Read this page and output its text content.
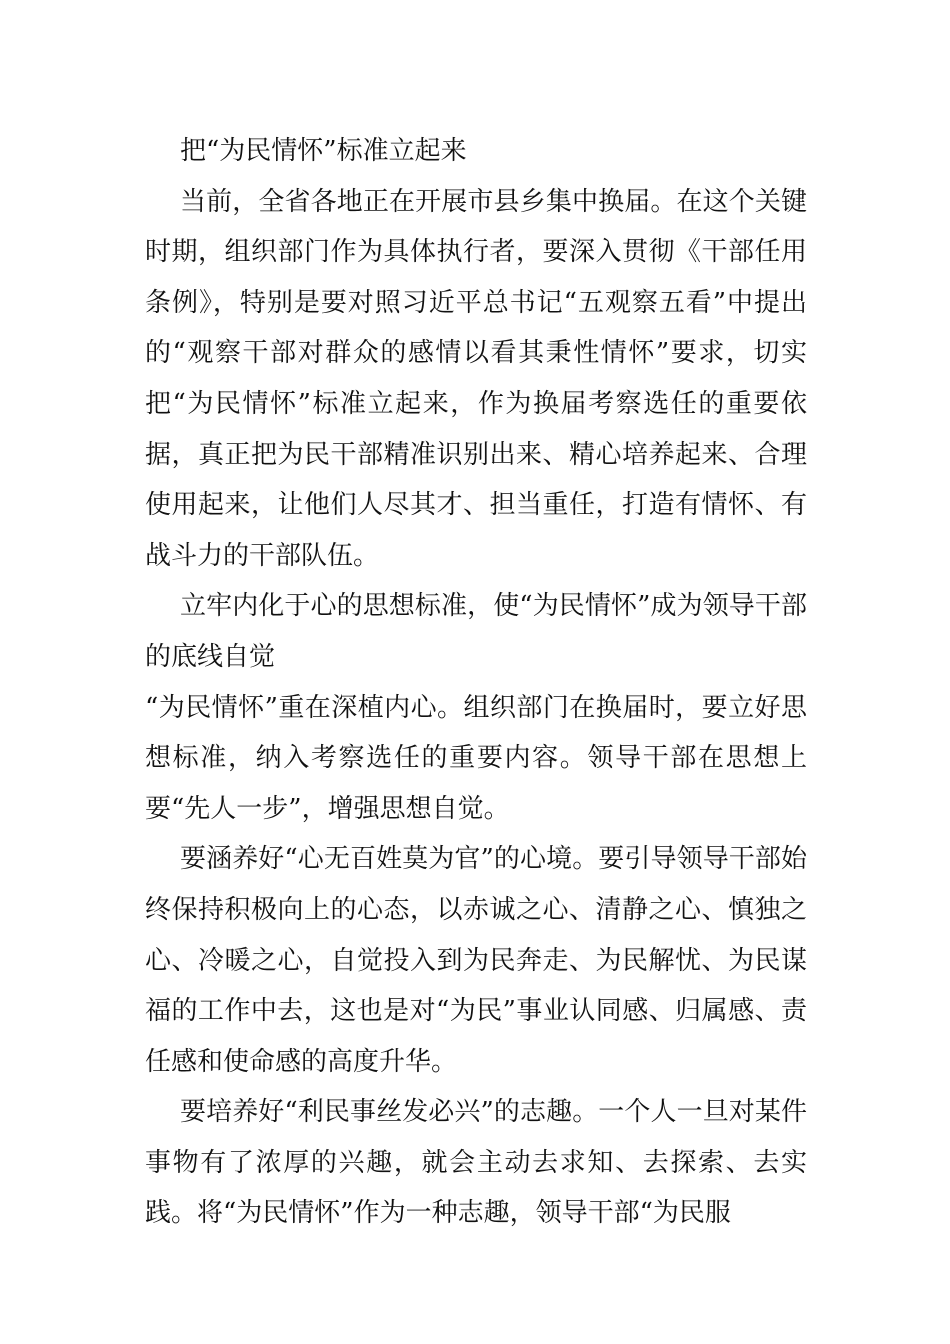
把“为民情怀”标准立起来

当前，全省各地正在开展市县乡集中换届。在这个关键时期，组织部门作为具体执行者，要深入贯彻《干部任用条例》，特别是要对照习近平总书记“五观察五看”中提出的“观察干部对群众的感情以看其秉性情怀”要求，切实把“为民情怀”标准立起来，作为换届考察选任的重要依据，真正把为民干部精准识别出来、精心培养起来、合理使用起来，让他们人尽其才、担当重任，打造有情怀、有战斗力的干部队伍。

立牢内化于心的思想标准，使“为民情怀”成为领导干部的底线自觉

“为民情怀”重在深植内心。组织部门在换届时，要立好思想标准，纳入考察选任的重要内容。领导干部在思想上要“先人一步”，增强思想自觉。

要涵养好“心无百姓莫为官”的心境。要引导领导干部始终保持积极向上的心态，以赤诚之心、清静之心、慎独之心、冷暖之心，自觉投入到为民奔走、为民解忧、为民谋福的工作中去，这也是对“为民”事业认同感、归属感、责任感和使命感的高度升华。

要培养好“利民事丝发必兴”的志趣。一个人一旦对某件事物有了浓厚的兴趣，就会主动去求知、去探索、去实践。将“为民情怀”作为一种志趣，领导干部“为民服
